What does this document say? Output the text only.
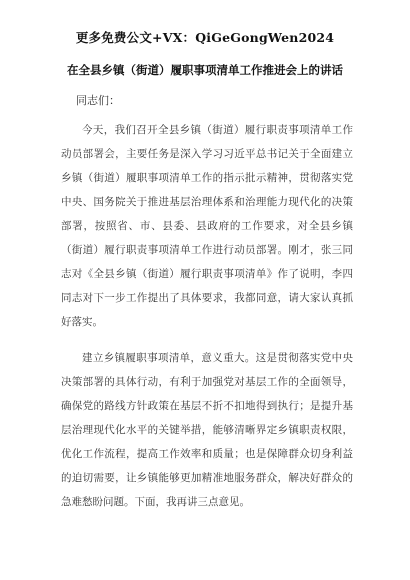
更多免费公文+VX：QiGeGongWen2024
在全县乡镇（街道）履职事项清单工作推进会上的讲话
同志们：

今天，我们召开全县乡镇（街道）履行职责事项清单工作动员部署会，主要任务是深入学习习近平总书记关于全面建立乡镇（街道）履职事项清单工作的指示批示精神，贯彻落实党中央、国务院关于推进基层治理体系和治理能力现代化的决策部署，按照省、市、县委、县政府的工作要求，对全县乡镇（街道）履行职责事项清单工作进行动员部署。刚才，张三同志对《全县乡镇（街道）履行职责事项清单》作了说明，李四同志对下一步工作提出了具体要求，我都同意，请大家认真抓好落实。

建立乡镇履职事项清单，意义重大。这是贯彻落实党中央决策部署的具体行动，有利于加强党对基层工作的全面领导，确保党的路线方针政策在基层不折不扣地得到执行；是提升基层治理现代化水平的关键举措，能够清晰界定乡镇职责权限，优化工作流程，提高工作效率和质量；也是保障群众切身利益的迫切需要，让乡镇能够更加精准地服务群众，解决好群众的急难愁盼问题。下面，我再讲三点意见。
